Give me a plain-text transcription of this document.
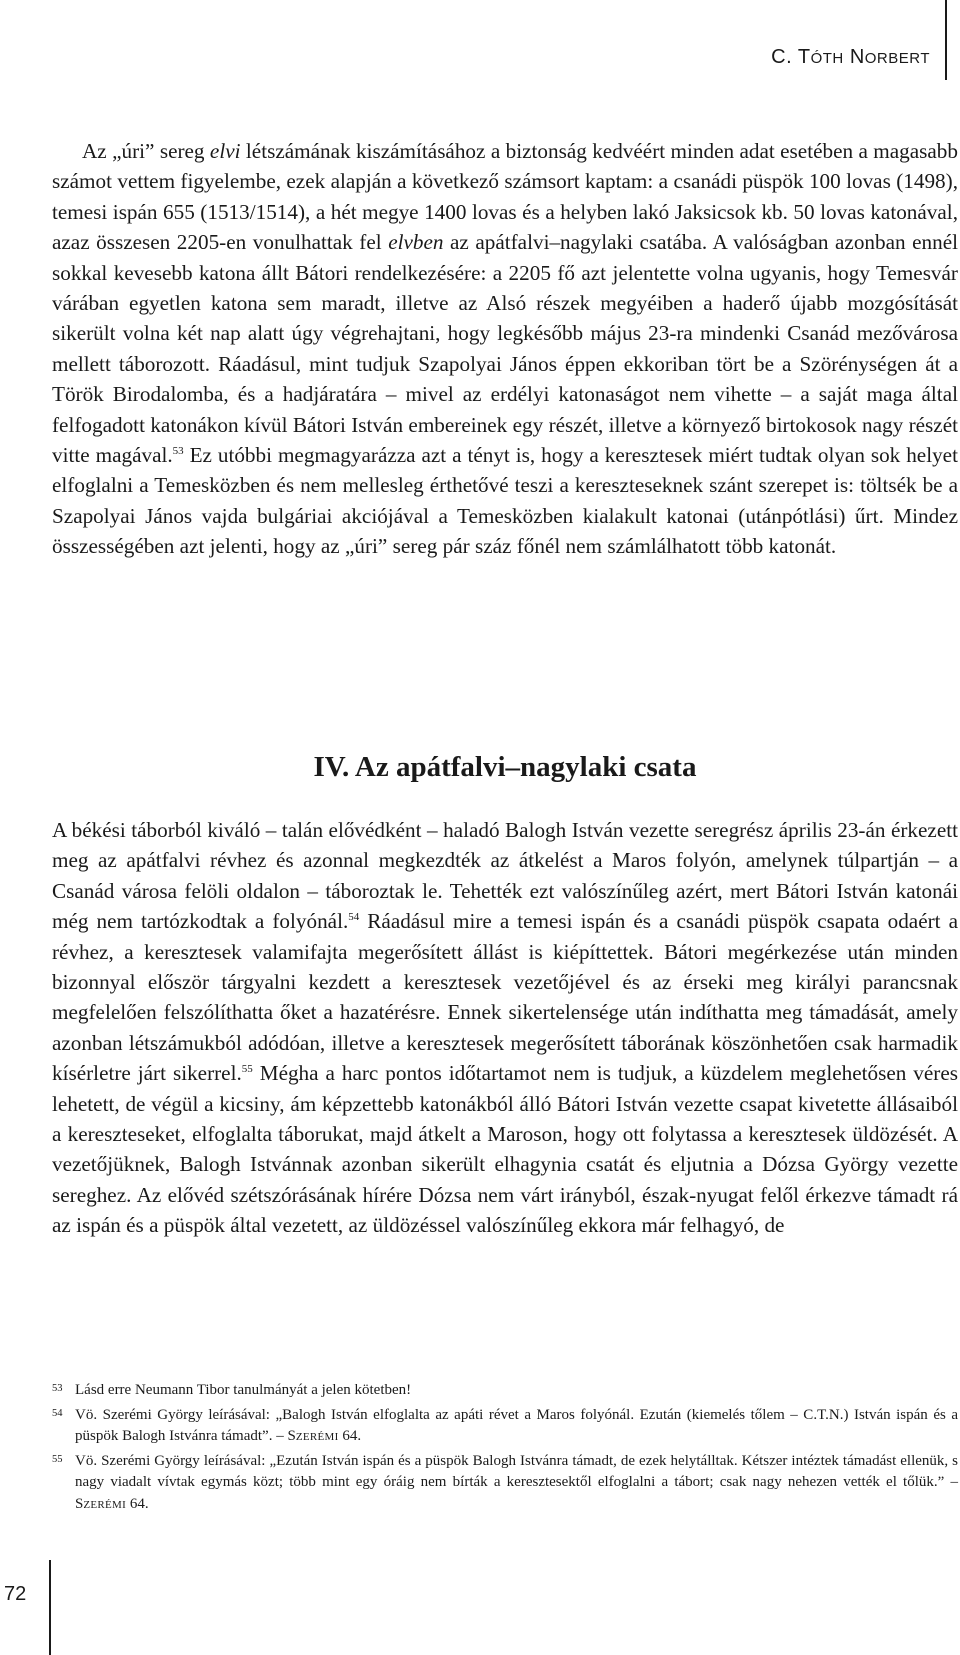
C. TÓTH NORBERT

Az „úri” sereg elvi létszámának kiszámításához a biztonság kedvéért minden adat esetében a magasabb számot vettem figyelembe, ezek alapján a következő számsort kaptam: a csanádi püspök 100 lovas (1498), temesi ispán 655 (1513/1514), a hét megye 1400 lovas és a helyben lakó Jaksicsok kb. 50 lovas katonával, azaz összesen 2205-en vonulhattak fel elvben az apátfalvi–nagylaki csatába. A valóságban azonban ennél sokkal kevesebb katona állt Bátori rendelkezésére: a 2205 fő azt jelentette volna ugyanis, hogy Temesvár várában egyetlen katona sem maradt, illetve az Alsó részek megyéiben a haderő újabb mozgósítását sikerült volna két nap alatt úgy végrehajtani, hogy legkésőbb május 23-ra mindenki Csanád mezővárosa mellett táborozott. Ráadásul, mint tudjuk Szapolyai János éppen ekkoriban tört be a Szörénységen át a Török Birodalomba, és a hadjáratára – mivel az erdélyi katonaságot nem vihette – a saját maga által felfogadott katonákon kívül Bátori István embereinek egy részét, illetve a környező birtokosok nagy részét vitte magával.$^{53}$ Ez utóbbi megmagyarázza azt a tényt is, hogy a keresztesek miért tudtak olyan sok helyet elfoglalni a Temesközben és nem mellesleg érthetővé teszi a kereszteseknek szánt szerepet is: töltsék be a Szapolyai János vajda bulgáriai akciójával a Temesközben kialakult katonai (utánpótlási) űrt. Mindez összességében azt jelenti, hogy az „úri” sereg pár száz főnél nem számlálhatott több katonát.

IV. Az apátfalvi–nagylaki csata

A békési táborból kiváló – talán elővédként – haladó Balogh István vezette seregrész április 23-án érkezett meg az apátfalvi révhez és azonnal megkezdték az átkelést a Maros folyón, amelynek túlpartján – a Csanád városa felöli oldalon – táboroztak le. Tehették ezt valószínűleg azért, mert Bátori István katonái még nem tartózkodtak a folyónál.$^{54}$ Ráadásul mire a temesi ispán és a csanádi püspök csapata odaért a révhez, a keresztesek valamifajta megerősített állást is kiépíttettek. Bátori megérkezése után minden bizonnyal először tárgyalni kezdett a keresztesek vezetőjével és az érseki meg királyi parancsnak megfelelően felszólíthatta őket a hazatérésre. Ennek sikertelensége után indíthatta meg támadását, amely azonban létszámukból adódóan, illetve a keresztesek megerősített táborának köszönhetően csak harmadik kísérletre járt sikerrel.$^{55}$ Mégha a harc pontos időtartamot nem is tudjuk, a küzdelem meglehetősen véres lehetett, de végül a kicsiny, ám képzettebb katonákból álló Bátori István vezette csapat kivetette állásaiból a kereszteseket, elfoglalta táborukat, majd átkelt a Maroson, hogy ott folytassa a keresztesek üldözését. A vezetőjüknek, Balogh Istvánnak azonban sikerült elhagynia csatát és eljutnia a Dózsa György vezette sereghez. Az elővéd szétszórásának hírére Dózsa nem várt irányból, észak-nyugat felől érkezve támadt rá az ispán és a püspök által vezetett, az üldözéssel valószínűleg ekkora már felhagyó, de

53 Lásd erre Neumann Tibor tanulmányát a jelen kötetben!

54 Vö. Szerémi György leírásával: „Balogh István elfoglalta az apáti révet a Maros folyónál. Ezután (kiemelés tőlem – C.T.N.) István ispán és a püspök Balogh Istvánra támadt”. – Szerémi 64.

55 Vö. Szerémi György leírásával: „Ezután István ispán és a püspök Balogh Istvánra támadt, de ezek helytálltak. Kétszer intéztek támadást ellenük, s nagy viadalt vívtak egymás közt; több mint egy óráig nem bírták a keresztesektől elfoglalni a tábort; csak nagy nehezen vették el tőlük.” – Szerémi 64.

72
